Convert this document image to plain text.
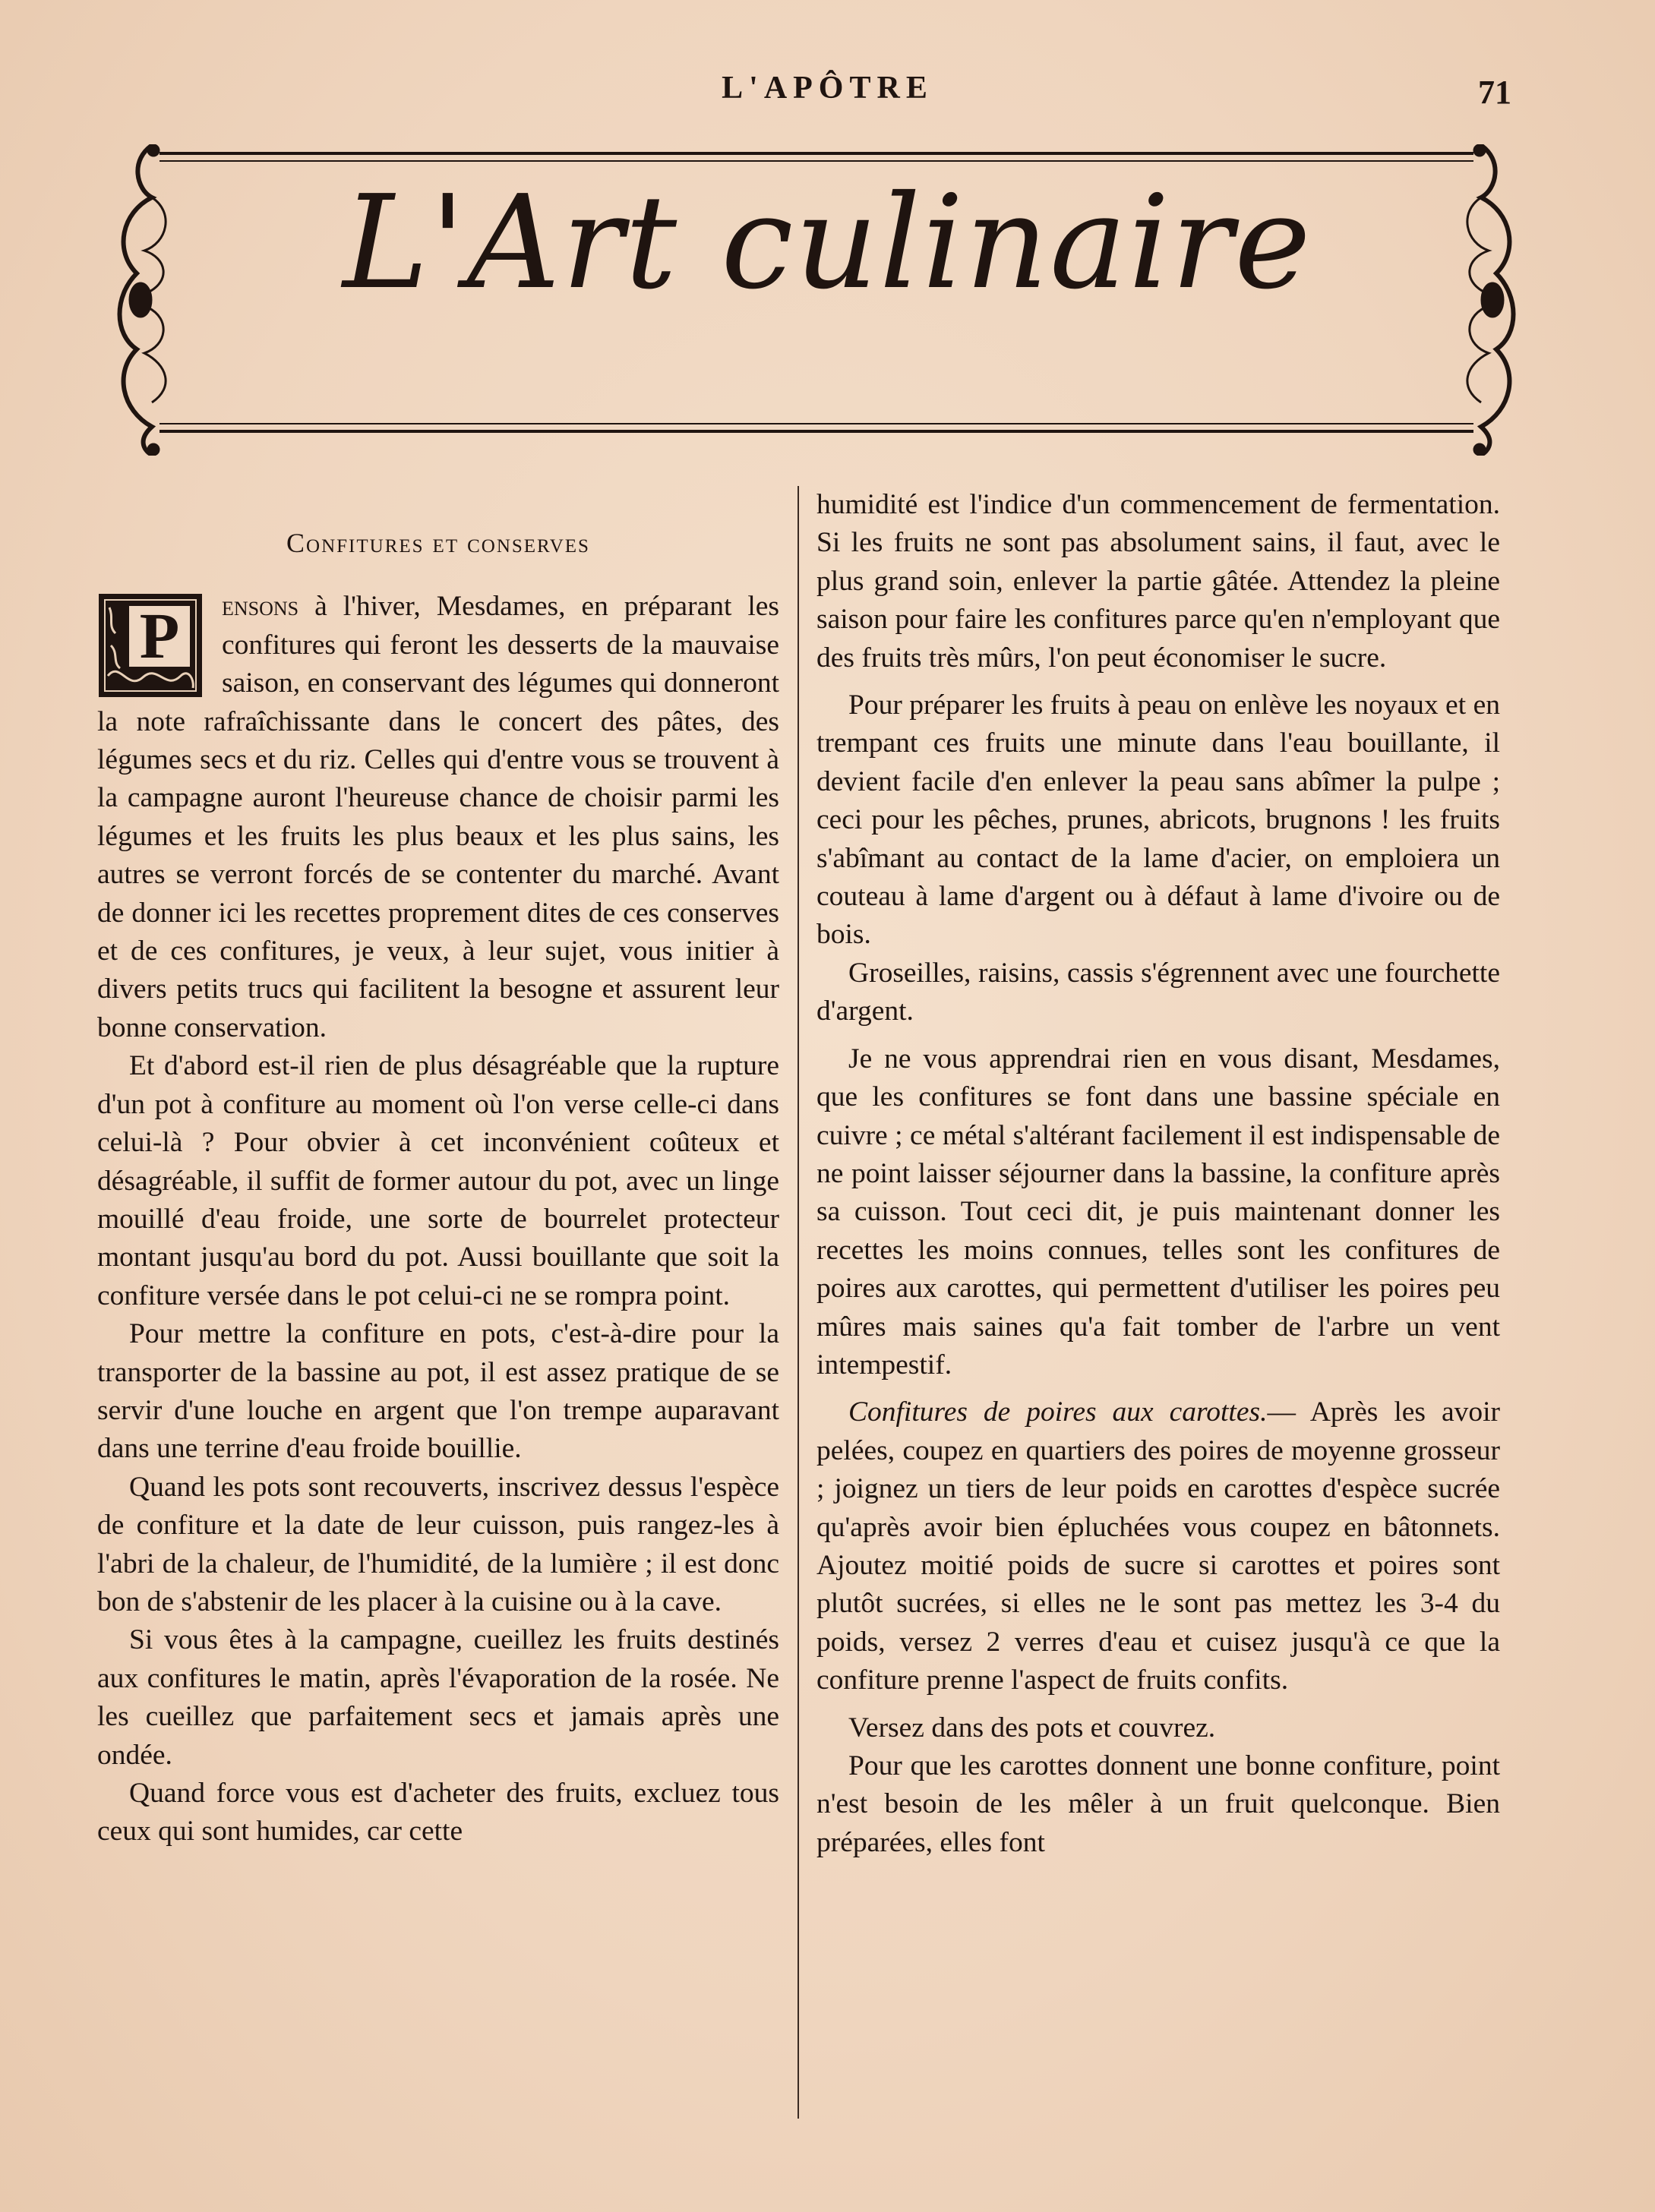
L'APÔTRE	71
L'Art culinaire
Confitures et conserves
P	ensons à l'hiver, Mesdames, en préparant les confitures qui feront les desserts de la mauvaise saison, en conservant des légumes qui donneront la note rafraîchissante dans le concert des pâtes, des légumes secs et du riz. Celles qui d'entre vous se trouvent à la campagne auront l'heureuse chance de choisir parmi les légumes et les fruits les plus beaux et les plus sains, les autres se verront forcés de se contenter du marché. Avant de donner ici les recettes proprement dites de ces conserves et de ces confitures, je veux, à leur sujet, vous initier à divers petits trucs qui facilitent la besogne et assurent leur bonne conservation.

Et d'abord est-il rien de plus désagréable que la rupture d'un pot à confiture au moment où l'on verse celle-ci dans celui-là ? Pour obvier à cet inconvénient coûteux et désagréable, il suffit de former autour du pot, avec un linge mouillé d'eau froide, une sorte de bourrelet protecteur montant jusqu'au bord du pot. Aussi bouillante que soit la confiture versée dans le pot celui-ci ne se rompra point.

Pour mettre la confiture en pots, c'est-à-dire pour la transporter de la bassine au pot, il est assez pratique de se servir d'une louche en argent que l'on trempe auparavant dans une terrine d'eau froide bouillie.

Quand les pots sont recouverts, inscrivez dessus l'espèce de confiture et la date de leur cuisson, puis rangez-les à l'abri de la chaleur, de l'humidité, de la lumière ; il est donc bon de s'abstenir de les placer à la cuisine ou à la cave.

Si vous êtes à la campagne, cueillez les fruits destinés aux confitures le matin, après l'évaporation de la rosée. Ne les cueillez que parfaitement secs et jamais après une ondée.

Quand force vous est d'acheter des fruits, excluez tous ceux qui sont humides, car cette

humidité est l'indice d'un commencement de fermentation. Si les fruits ne sont pas absolument sains, il faut, avec le plus grand soin, enlever la partie gâtée. Attendez la pleine saison pour faire les confitures parce qu'en n'employant que des fruits très mûrs, l'on peut économiser le sucre.

Pour préparer les fruits à peau on enlève les noyaux et en trempant ces fruits une minute dans l'eau bouillante, il devient facile d'en enlever la peau sans abîmer la pulpe ; ceci pour les pêches, prunes, abricots, brugnons ! les fruits s'abîmant au contact de la lame d'acier, on emploiera un couteau à lame d'argent ou à défaut à lame d'ivoire ou de bois.

Groseilles, raisins, cassis s'égrennent avec une fourchette d'argent.

Je ne vous apprendrai rien en vous disant, Mesdames, que les confitures se font dans une bassine spéciale en cuivre ; ce métal s'altérant facilement il est indispensable de ne point laisser séjourner dans la bassine, la confiture après sa cuisson. Tout ceci dit, je puis maintenant donner les recettes les moins connues, telles sont les confitures de poires aux carottes, qui permettent d'utiliser les poires peu mûres mais saines qu'a fait tomber de l'arbre un vent intempestif.

Confitures de poires aux carottes.— Après les avoir pelées, coupez en quartiers des poires de moyenne grosseur ; joignez un tiers de leur poids en carottes d'espèce sucrée qu'après avoir bien épluchées vous coupez en bâtonnets. Ajoutez moitié poids de sucre si carottes et poires sont plutôt sucrées, si elles ne le sont pas mettez les 3-4 du poids, versez 2 verres d'eau et cuisez jusqu'à ce que la confiture prenne l'aspect de fruits confits.

Versez dans des pots et couvrez.

Pour que les carottes donnent une bonne confiture, point n'est besoin de les mêler à un fruit quelconque. Bien préparées, elles font
